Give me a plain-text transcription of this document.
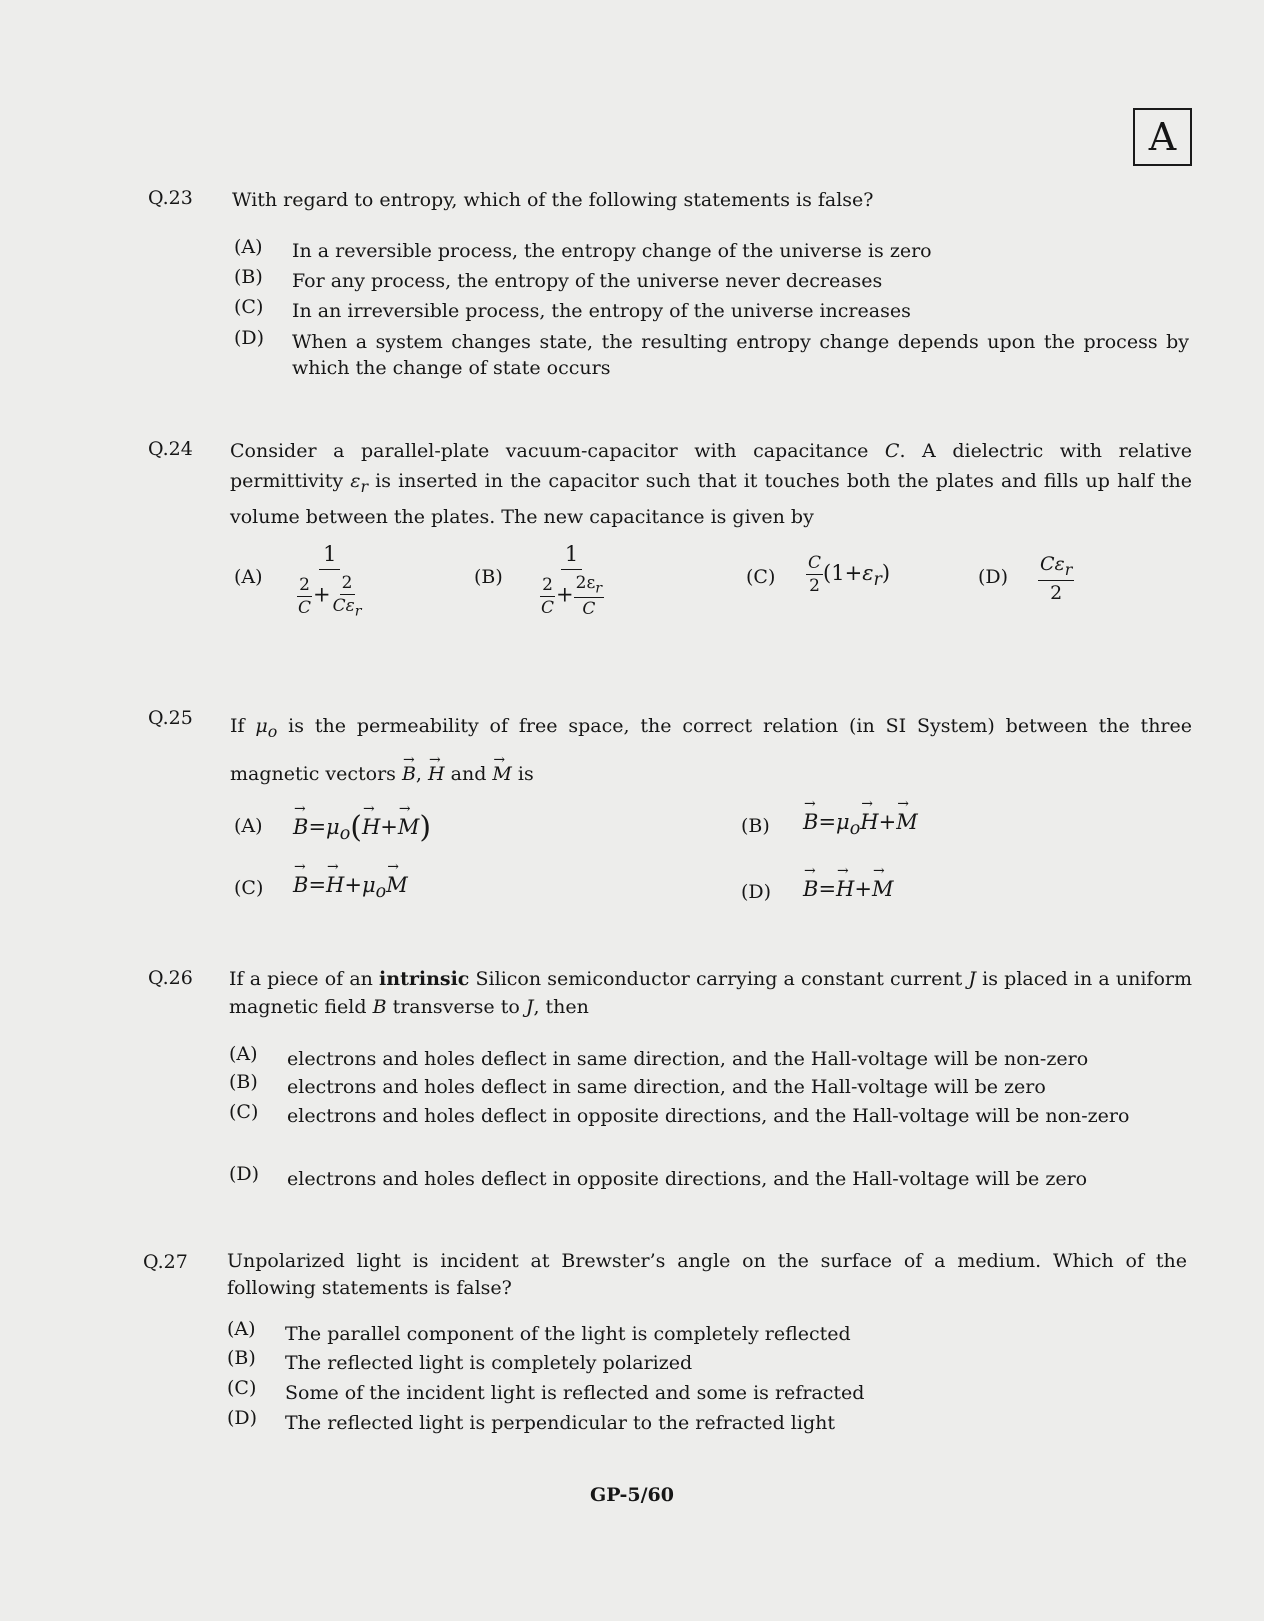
A
Q.23 With regard to entropy, which of the following statements is false?
(A) In a reversible process, the entropy change of the universe is zero
(B) For any process, the entropy of the universe never decreases
(C) In an irreversible process, the entropy of the universe increases
(D) When a system changes state, the resulting entropy change depends upon the process by which the change of state occurs
Q.24 Consider a parallel-plate vacuum-capacitor with capacitance C. A dielectric with relative permittivity $\varepsilon_r$ is inserted in the capacitor such that it touches both the plates and fills up half the volume between the plates. The new capacitance is given by
$(A) \frac{1}{\frac{2}{C} + \frac{2}{C\varepsilon_r}}$	$(B) \frac{1}{\frac{2}{C} + \frac{2\varepsilon_r}{C}}$	$(C) \frac{C}{2} (1+\varepsilon_r)$	$(D) \frac{C\varepsilon_r}{2}$
Q.25 If $\mu_o$ is the permeability of free space, the correct relation (in SI System) between the three magnetic vectors → B, → H and → M is
(A)
→ $B=\mu_o(\to H+\to M)$	(B)
→ $B=\mu_o\to H+\to M$
(C)
→ $B=\to H+\mu_o\to M$	(D)
→ B=→ H+→ M
Q.26 If a piece of an intrinsic Silicon semiconductor carrying a constant current J is placed in a uniform magnetic field B transverse to J, then
(A) electrons and holes deflect in same direction, and the Hall-voltage will be non-zero
(B) electrons and holes deflect in same direction, and the Hall-voltage will be zero
(C) electrons and holes deflect in opposite directions, and the Hall-voltage will be non-zero
(D) electrons and holes deflect in opposite directions, and the Hall-voltage will be zero
Q.27 Unpolarized light is incident at Brewster’s angle on the surface of a medium. Which of the following statements is false?
(A) The parallel component of the light is completely reflected
(B) The reflected light is completely polarized
(C) Some of the incident light is reflected and some is refracted
(D) The reflected light is perpendicular to the refracted light
GP-5/60
